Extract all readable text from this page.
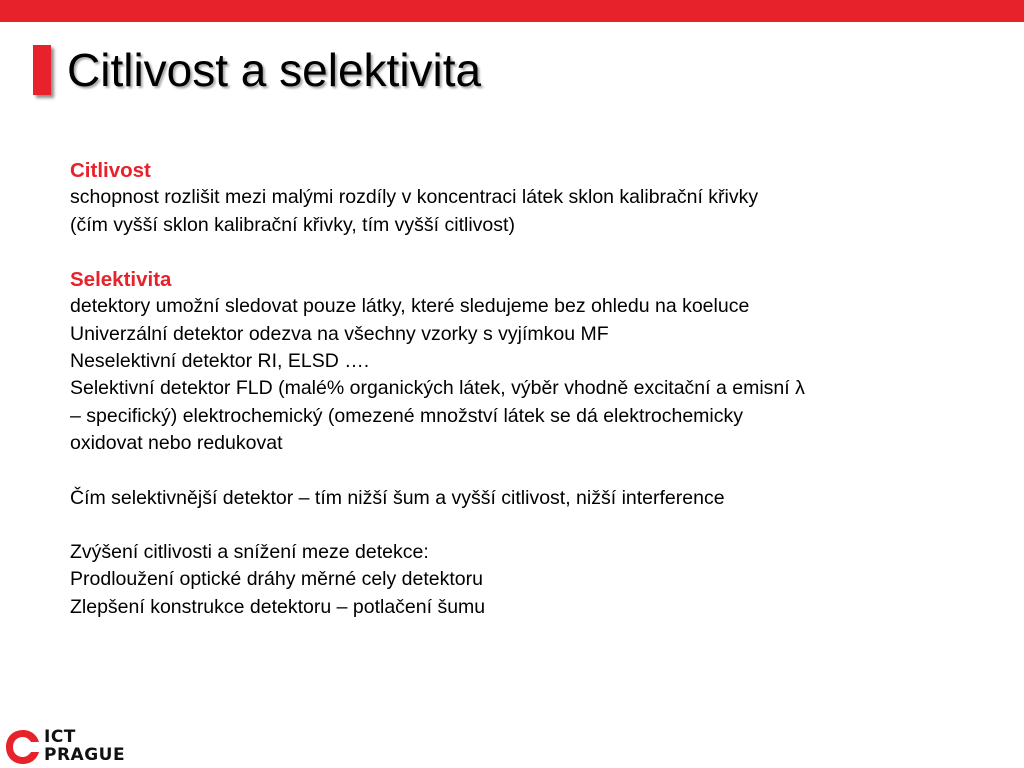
Citlivost a selektivita
Citlivost
schopnost rozlišit mezi malými rozdíly v koncentraci látek sklon kalibrační křivky
(čím vyšší sklon kalibrační křivky, tím vyšší citlivost)
Selektivita
detektory umožní sledovat pouze látky, které sledujeme bez ohledu na koeluce
Univerzální detektor odezva na všechny vzorky s vyjímkou MF
Neselektivní detektor RI, ELSD ….
Selektivní detektor FLD (malé% organických látek, výběr vhodně excitační a emisní λ
– specifický) elektrochemický (omezené množství látek se dá elektrochemicky
oxidovat nebo redukovat
Čím selektivnější detektor – tím nižší šum a vyšší citlivost, nižší interference
Zvýšení citlivosti a snížení meze detekce:
Prodloužení optické dráhy měrné cely detektoru
Zlepšení konstrukce detektoru – potlačení šumu
ICT
PRAGUE
